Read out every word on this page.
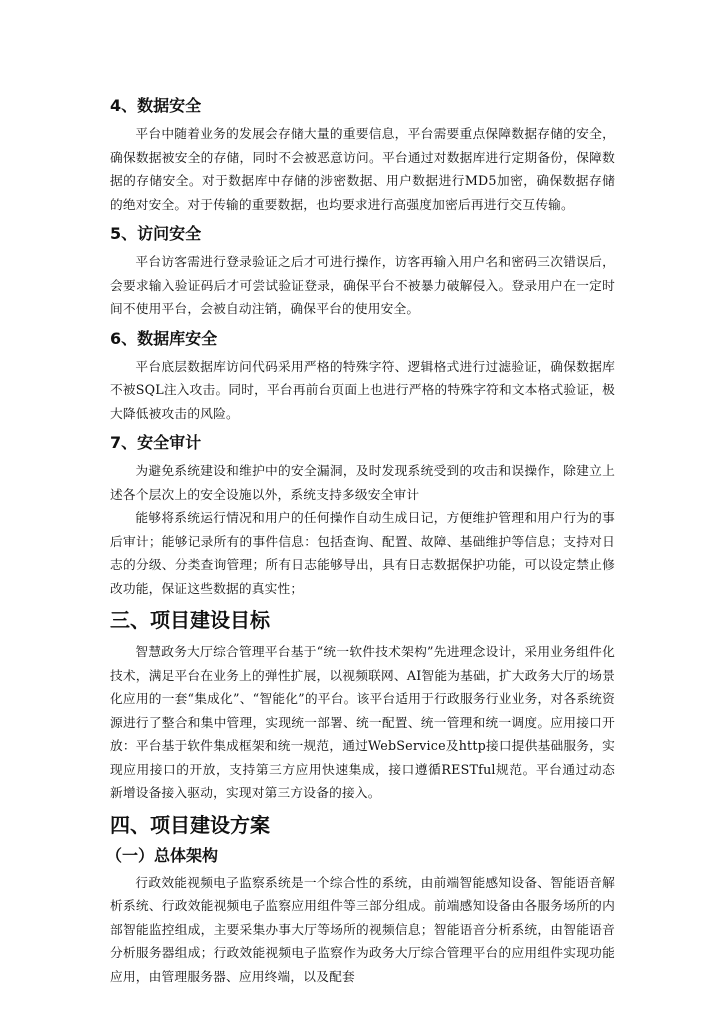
4、数据安全

平台中随着业务的发展会存储大量的重要信息，平台需要重点保障数据存储的安全，确保数据被安全的存储，同时不会被恶意访问。平台通过对数据库进行定期备份，保障数据的存储安全。对于数据库中存储的涉密数据、用户数据进行MD5加密，确保数据存储的绝对安全。对于传输的重要数据，也均要求进行高强度加密后再进行交互传输。

5、访问安全

平台访客需进行登录验证之后才可进行操作，访客再输入用户名和密码三次错误后，会要求输入验证码后才可尝试验证登录，确保平台不被暴力破解侵入。登录用户在一定时间不使用平台，会被自动注销，确保平台的使用安全。

6、数据库安全

平台底层数据库访问代码采用严格的特殊字符、逻辑格式进行过滤验证，确保数据库不被SQL注入攻击。同时，平台再前台页面上也进行严格的特殊字符和文本格式验证，极大降低被攻击的风险。

7、安全审计

为避免系统建设和维护中的安全漏洞，及时发现系统受到的攻击和误操作，除建立上述各个层次上的安全设施以外，系统支持多级安全审计

能够将系统运行情况和用户的任何操作自动生成日记，方便维护管理和用户行为的事后审计；能够记录所有的事件信息：包括查询、配置、故障、基础维护等信息；支持对日志的分级、分类查询管理；所有日志能够导出，具有日志数据保护功能，可以设定禁止修改功能，保证这些数据的真实性；

三、项目建设目标

智慧政务大厅综合管理平台基于“统一软件技术架构”先进理念设计，采用业务组件化技术，满足平台在业务上的弹性扩展，以视频联网、AI智能为基础，扩大政务大厅的场景化应用的一套“集成化”、“智能化”的平台。该平台适用于行政服务行业业务，对各系统资源进行了整合和集中管理，实现统一部署、统一配置、统一管理和统一调度。应用接口开放：平台基于软件集成框架和统一规范，通过WebService及http接口提供基础服务，实现应用接口的开放，支持第三方应用快速集成，接口遵循RESTful规范。平台通过动态新增设备接入驱动，实现对第三方设备的接入。

四、项目建设方案
（一）总体架构

行政效能视频电子监察系统是一个综合性的系统，由前端智能感知设备、智能语音解析系统、行政效能视频电子监察应用组件等三部分组成。前端感知设备由各服务场所的内部智能监控组成，主要采集办事大厅等场所的视频信息；智能语音分析系统，由智能语音分析服务器组成；行政效能视频电子监察作为政务大厅综合管理平台的应用组件实现功能应用，由管理服务器、应用终端，以及配套
